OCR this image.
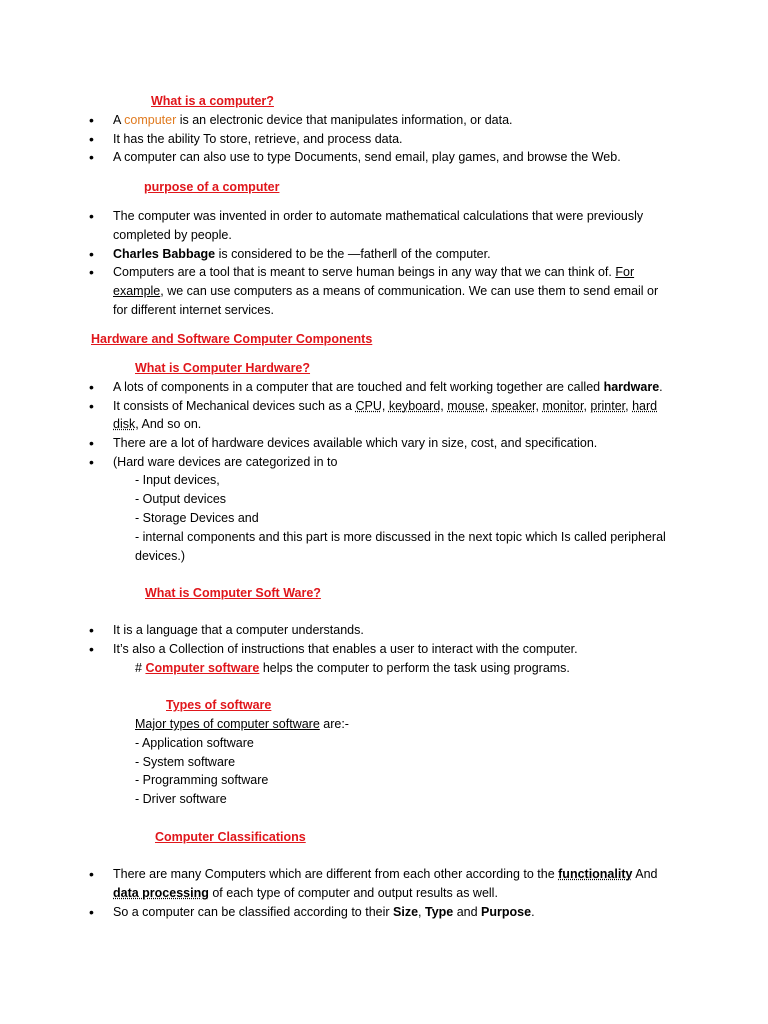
What is a computer?
• A computer is an electronic device that manipulates information, or data.
• It has the ability To store, retrieve, and process data.
• A computer can also use to type Documents, send email, play games, and browse the Web.
purpose of a computer
• The computer was invented in order to automate mathematical calculations that were previously
completed by people.
• Charles Babbage is considered to be the ―father‖ of the computer.
• Computers are a tool that is meant to serve human beings in any way that we can think of. For
example, we can use computers as a means of communication. We can use them to send email or
for different internet services.
Hardware and Software Computer Components
What is Computer Hardware?
• A lots of components in a computer that are touched and felt working together are called hardware.
• It consists of Mechanical devices such as a CPU, keyboard, mouse, speaker, monitor, printer, hard
disk, And so on.
• There are a lot of hardware devices available which vary in size, cost, and specification.
• (Hard ware devices are categorized in to
- Input devices,
- Output devices
- Storage Devices and
- internal components and this part is more discussed in the next topic which Is called peripheral
devices.)
What is Computer Soft Ware?
• It is a language that a computer understands.
• It’s also a Collection of instructions that enables a user to interact with the computer.
# Computer software helps the computer to perform the task using programs.
Types of software
Major types of computer software are:-
- Application software
- System software
- Programming software
- Driver software
Computer Classifications
• There are many Computers which are different from each other according to the functionality And
data processing of each type of computer and output results as well.
• So a computer can be classified according to their Size, Type and Purpose.
